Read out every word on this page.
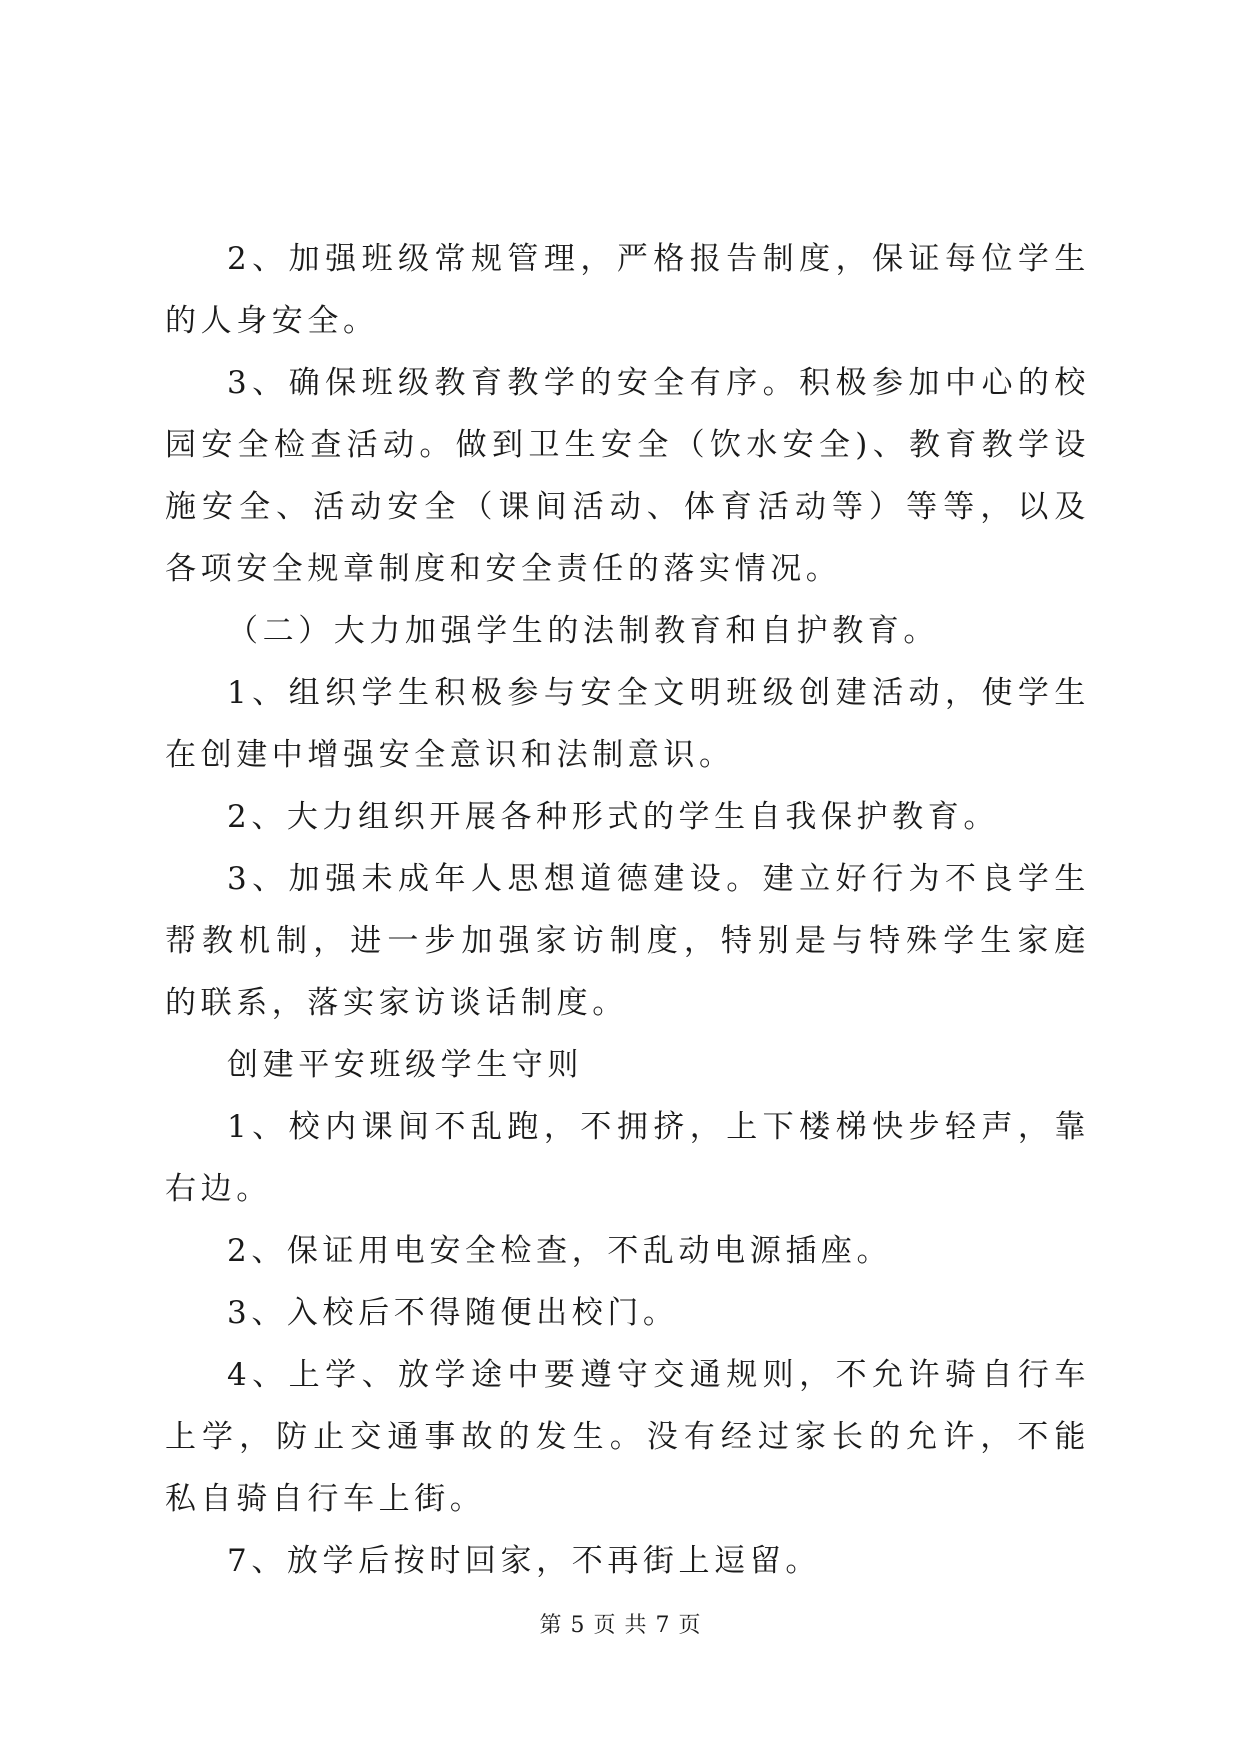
2、加强班级常规管理，严格报告制度，保证每位学生的人身安全。

3、确保班级教育教学的安全有序。积极参加中心的校园安全检查活动。做到卫生安全（饮水安全)、教育教学设施安全、活动安全（课间活动、体育活动等）等等，以及各项安全规章制度和安全责任的落实情况。

（二）大力加强学生的法制教育和自护教育。

1、组织学生积极参与安全文明班级创建活动，使学生在创建中增强安全意识和法制意识。

2、大力组织开展各种形式的学生自我保护教育。

3、加强未成年人思想道德建设。建立好行为不良学生帮教机制，进一步加强家访制度，特别是与特殊学生家庭的联系，落实家访谈话制度。

创建平安班级学生守则

1、校内课间不乱跑，不拥挤，上下楼梯快步轻声，靠右边。

2、保证用电安全检查，不乱动电源插座。

3、入校后不得随便出校门。

4、上学、放学途中要遵守交通规则，不允许骑自行车上学，防止交通事故的发生。没有经过家长的允许，不能私自骑自行车上街。

7、放学后按时回家，不再街上逗留。

第 5 页 共 7 页
